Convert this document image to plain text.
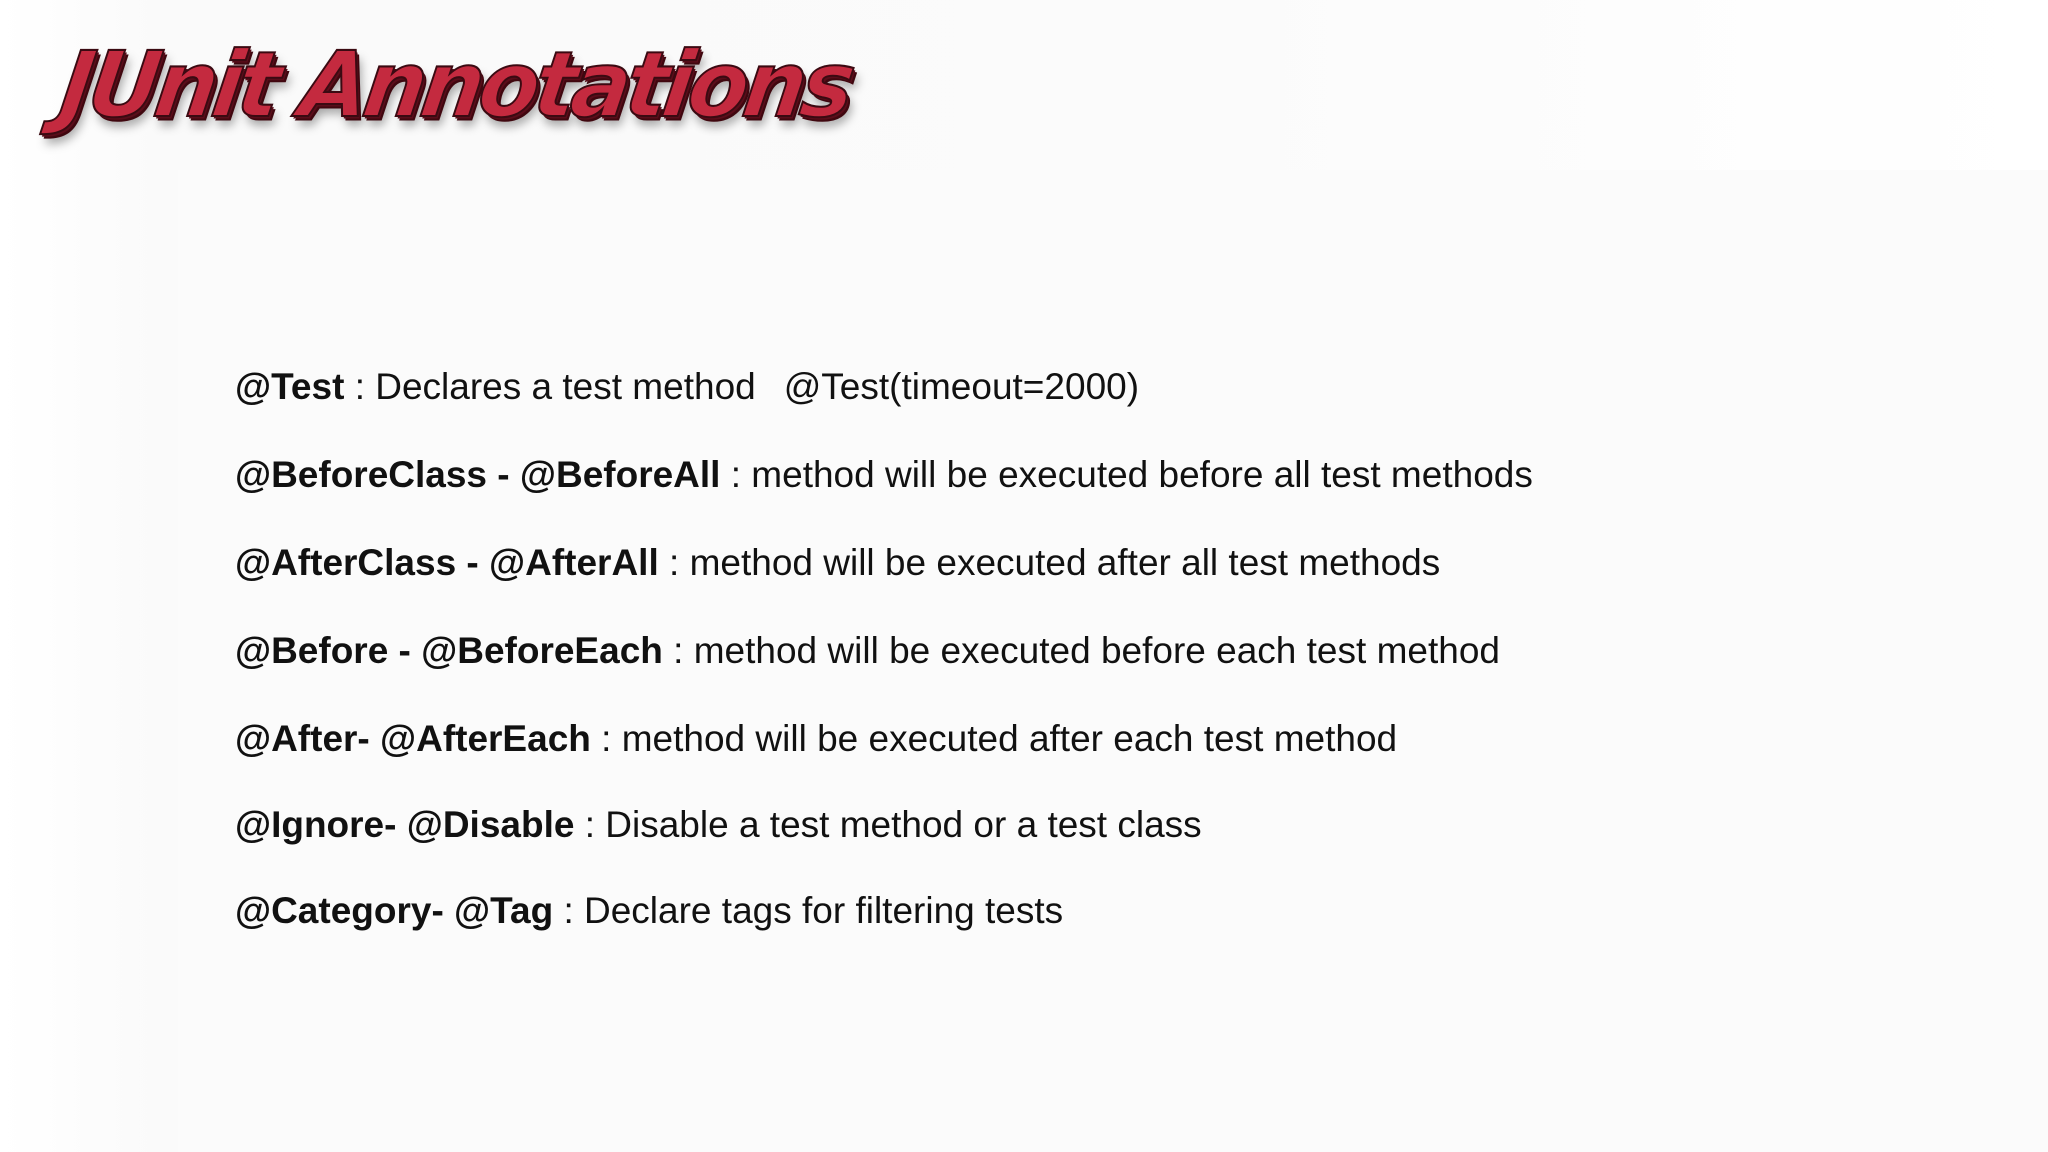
JUnit Annotations
@Test : Declares a test method @Test(timeout=2000)
@BeforeClass - @BeforeAll : method will be executed before all test methods
@AfterClass - @AfterAll : method will be executed after all test methods
@Before - @BeforeEach : method will be executed before each test method
@After- @AfterEach : method will be executed after each test method
@Ignore- @Disable : Disable a test method or a test class
@Category- @Tag : Declare tags for filtering tests
